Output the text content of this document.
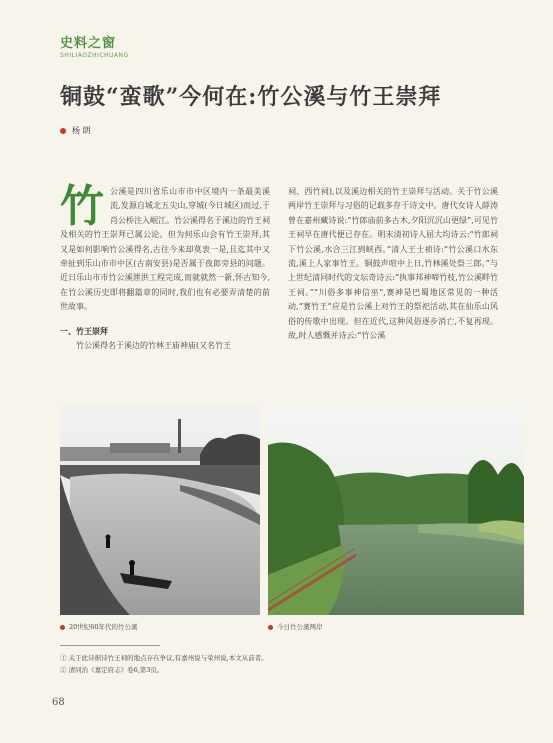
史料之窗
SHILIAOZHICHUANG
铜鼓“蛮歌”今何在:竹公溪与竹王崇拜
杨 朗
竹 公溪是四川省乐山市市中区境内一条最美溪流,发源自城北五尖山,穿城(今日城区)而过,于肖公桥注入岷江。竹公溪得名于溪边的竹王祠及相关的竹王崇拜已属公论。但为何乐山会有竹王崇拜,其又是如何影响竹公溪得名,古往今来却莫衷一是,且迄其中又牵扯到乐山市市中区(古南安县)是否属于夜郎旁县的问题。近日乐山市市竹公溪泄洪工程完成,而就就然一新,怀古知今,在竹公溪历史即将翻篇章的同时,我们也有必要弄清楚的前世故事。
一、竹王崇拜
竹公溪得名于溪边的竹林王庙神庙(又名竹王
祠、西竹祠),以及溪边相关的竹王崇拜与活动。关于竹公溪两岸竹王崇拜与习俗的记载多存于诗文中。唐代女诗人薛涛曾在嘉州藏诗说:“竹郎庙前多古木,夕阳沉沉山更绿”,可见竹王祠早在唐代便已存在。明末清初诗人屈大均诗云:“竹郎祠下竹公溪,水合三江到峡西。”清人王士祯诗:“竹公溪口水东流,溪上人家事竹王。铜鼓声喧中上日,竹林溪处祭三郎。”与上世纪清同时代的文坛奇诗云:“执事邦神啼竹枝,竹公溪畔竹王祠。”“川俗多事神信巫”,赛神是巴蜀地区常见的一种活动,“赛竹王”应是竹公溪上对竹王的祭祀活动,其在仙乐山风俗的传歌中出现。但在近代,这种风俗逐步消亡,不复再现。故,时人感慨并诗云:“竹公溪
20世纪60年代的竹公溪	今日竹公溪两岸
① 关于此诗据诗竹王祠的地点存在争议,有嘉州说与荣州说,本文从前者。
② 清同治《嘉定府志》卷6,第3页。
68
